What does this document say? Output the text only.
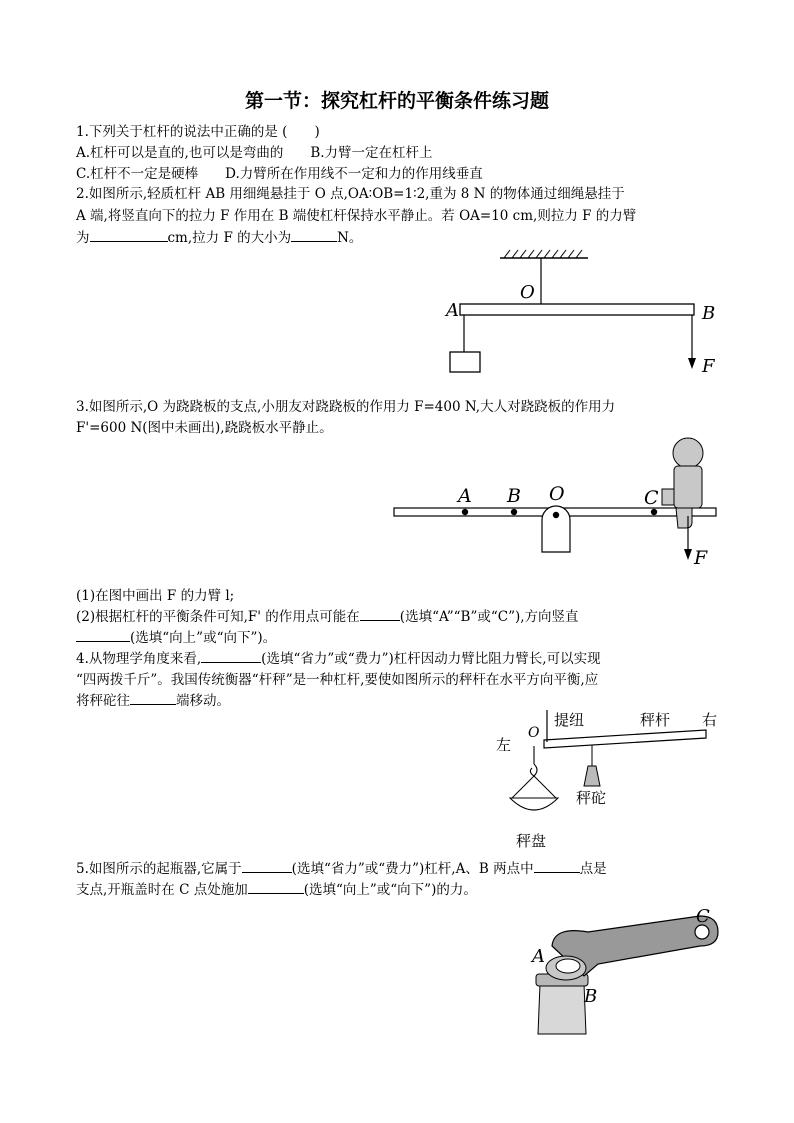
第一节：探究杠杆的平衡条件练习题
1.下列关于杠杆的说法中正确的是 (　　)
A.杠杆可以是直的,也可以是弯曲的　　B.力臂一定在杠杆上
C.杠杆不一定是硬棒　　D.力臂所在作用线不一定和力的作用线垂直
2.如图所示,轻质杠杆 AB 用细绳悬挂于 O 点,OA∶OB=1∶2,重为 8 N 的物体通过细绳悬挂于
A 端,将竖直向下的拉力 F 作用在 B 端使杠杆保持水平静止。若 OA=10 cm,则拉力 F 的力臂
为	cm,拉力 F 的大小为	N。
A
O
B
F
3.如图所示,O 为跷跷板的支点,小朋友对跷跷板的作用力 F=400 N,大人对跷跷板的作用力
F'=600 N(图中未画出),跷跷板水平静止。
A B O	C
F
(1)在图中画出 F 的力臂 l;
(2)根据杠杆的平衡条件可知,F' 的作用点可能在	(选填“A”“B”或“C”),方向竖直
(选填“向上”或“向下”)。
4.从物理学角度来看,	(选填“省力”或“费力”)杠杆因动力臂比阻力臂长,可以实现
“四两拨千斤”。我国传统衡器“杆秤”是一种杠杆,要使如图所示的秤杆在水平方向平衡,应
将秤砣往	端移动。
O
提纽	秤杆 右
左
秤砣
秤盘
5.如图所示的起瓶器,它属于	(选填“省力”或“费力”)杠杆,A、B 两点中	点是
支点,开瓶盖时在 C 点处施加	(选填“向上”或“向下”)的力。
A
B
C
